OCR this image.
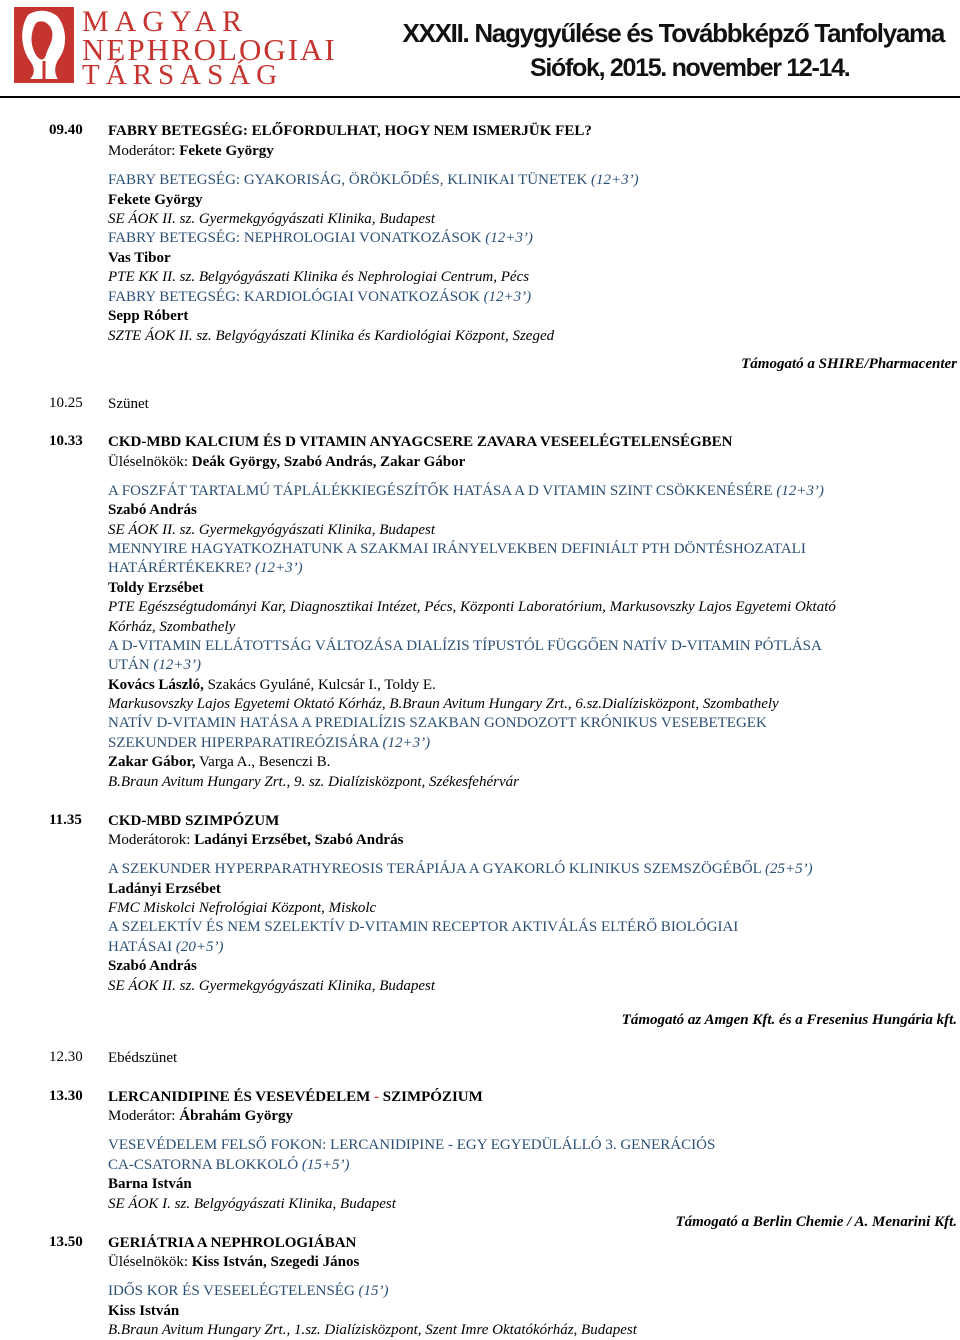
MAGYAR
NEPHROLOGIAI
TÁRSASÁG
XXXII. Nagygyűlése és Továbbképző Tanfolyama
Siófok, 2015. november 12-14.
09.40 FABRY BETEGSÉG: ELŐFORDULHAT, HOGY NEM ISMERJÜK FEL?
Moderátor: Fekete György
FABRY BETEGSÉG: GYAKORISÁG, ÖRÖKLŐDÉS, KLINIKAI TÜNETEK (12+3’)
Fekete György
SE ÁOK II. sz. Gyermekgyógyászati Klinika, Budapest
FABRY BETEGSÉG: NEPHROLOGIAI VONATKOZÁSOK (12+3’)
Vas Tibor
PTE KK II. sz. Belgyógyászati Klinika és Nephrologiai Centrum, Pécs
FABRY BETEGSÉG: KARDIOLÓGIAI VONATKOZÁSOK (12+3’)
Sepp Róbert
SZTE ÁOK II. sz. Belgyógyászati Klinika és Kardiológiai Központ, Szeged
Támogató a SHIRE/Pharmacenter
10.25 Szünet
10.33 CKD-MBD KALCIUM ÉS D VITAMIN ANYAGCSERE ZAVARA VESEELÉGTELENSÉGBEN
Üléselnökök: Deák György, Szabó András, Zakar Gábor
A FOSZFÁT TARTALMÚ TÁPLÁLÉKKIEGÉSZÍTŐK HATÁSA A D VITAMIN SZINT CSÖKKENÉSÉRE (12+3’)
Szabó András
SE ÁOK II. sz. Gyermekgyógyászati Klinika, Budapest
MENNYIRE HAGYATKOZHATUNK A SZAKMAI IRÁNYELVEKBEN DEFINIÁLT PTH DÖNTÉSHOZATALI
HATÁRÉRTÉKEKRE? (12+3’)
Toldy Erzsébet
PTE Egészségtudományi Kar, Diagnosztikai Intézet, Pécs, Központi Laboratórium, Markusovszky Lajos Egyetemi Oktató
Kórház, Szombathely
A D-VITAMIN ELLÁTOTTSÁG VÁLTOZÁSA DIALÍZIS TÍPUSTÓL FÜGGŐEN NATÍV D-VITAMIN PÓTLÁSA
UTÁN (12+3’)
Kovács László, Szakács Gyuláné, Kulcsár I., Toldy E.
Markusovszky Lajos Egyetemi Oktató Kórház, B.Braun Avitum Hungary Zrt., 6.sz.Dialízisközpont, Szombathely
NATÍV D-VITAMIN HATÁSA A PREDIALÍZIS SZAKBAN GONDOZOTT KRÓNIKUS VESEBETEGEK
SZEKUNDER HIPERPARATIREÓZISÁRA (12+3’)
Zakar Gábor, Varga A., Besenczi B.
B.Braun Avitum Hungary Zrt., 9. sz. Dialízisközpont, Székesfehérvár
11.35 CKD-MBD SZIMPÓZUM
Moderátorok: Ladányi Erzsébet, Szabó András
A SZEKUNDER HYPERPARATHYREOSIS TERÁPIÁJA A GYAKORLÓ KLINIKUS SZEMSZÖGÉBŐL (25+5’)
Ladányi Erzsébet
FMC Miskolci Nefrológiai Központ, Miskolc
A SZELEKTÍV ÉS NEM SZELEKTÍV D-VITAMIN RECEPTOR AKTIVÁLÁS ELTÉRŐ BIOLÓGIAI
HATÁSAI (20+5’)
Szabó András
SE ÁOK II. sz. Gyermekgyógyászati Klinika, Budapest
Támogató az Amgen Kft. és a Fresenius Hungária kft.
12.30 Ebédszünet
13.30 LERCANIDIPINE ÉS VESEVÉDELEM - SZIMPÓZIUM
Moderátor: Ábrahám György
VESEVÉDELEM FELSŐ FOKON: LERCANIDIPINE - EGY EGYEDÜLÁLLÓ 3. GENERÁCIÓS
CA-CSATORNA BLOKKOLÓ (15+5’)
Barna István
SE ÁOK I. sz. Belgyógyászati Klinika, Budapest
Támogató a Berlin Chemie / A. Menarini Kft.
13.50 GERIÁTRIA A NEPHROLOGIÁBAN
Üléselnökök: Kiss István, Szegedi János
IDŐS KOR ÉS VESEELÉGTELENSÉG (15’)
Kiss István
B.Braun Avitum Hungary Zrt., 1.sz. Dialízisközpont, Szent Imre Oktatókórház, Budapest
